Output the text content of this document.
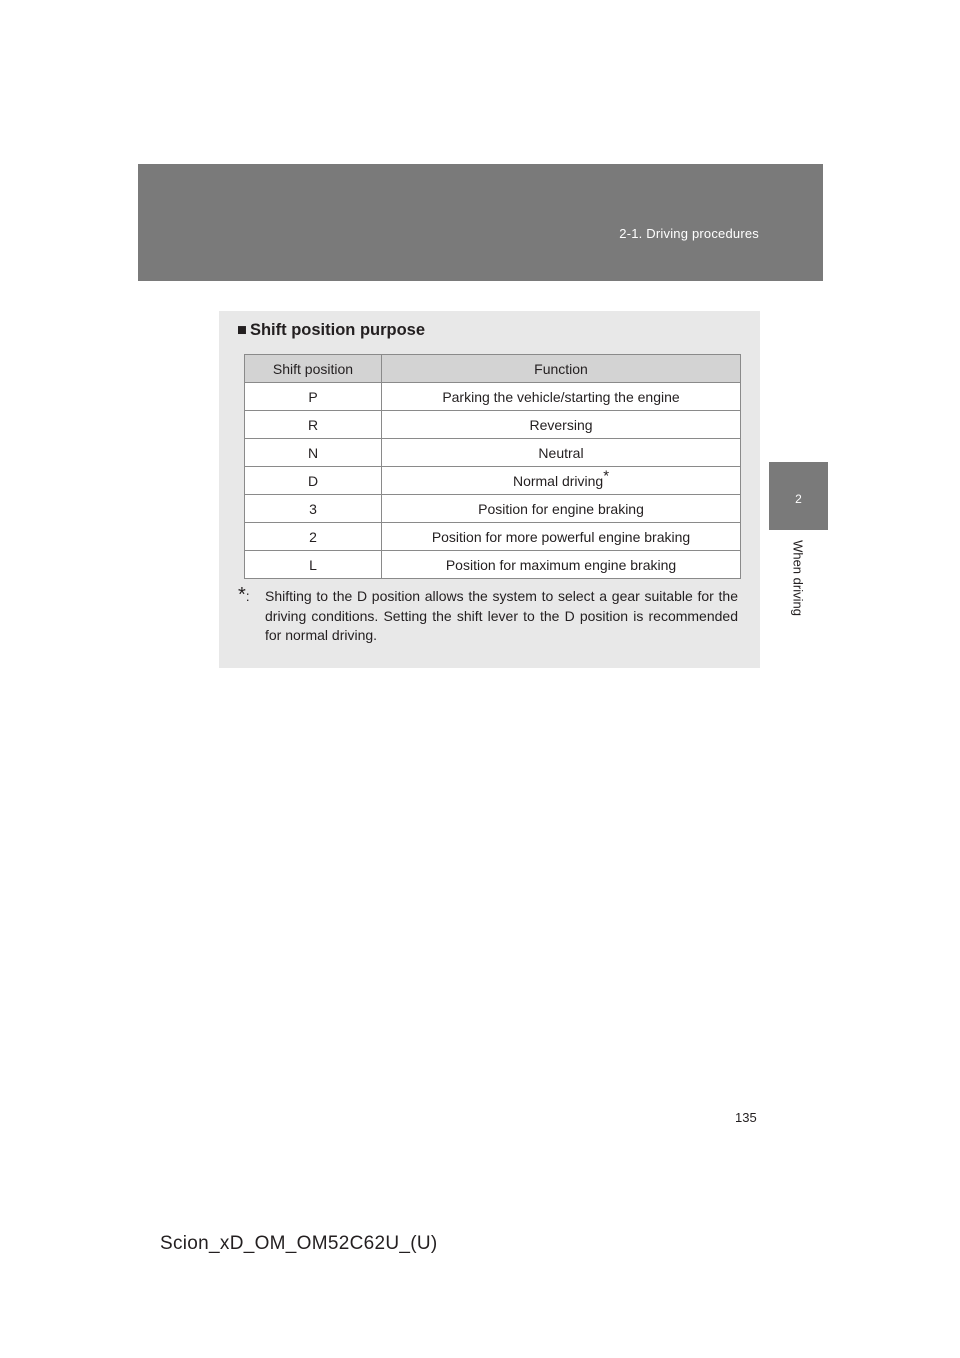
2-1. Driving procedures
2
When driving
■ Shift position purpose
Shift position	Function
P	Parking the vehicle/starting the engine
R	Reversing
N	Neutral
D	Normal driving*
3	Position for engine braking
2	Position for more powerful engine braking
L	Position for maximum engine braking
*:	Shifting to the D position allows the system to select a gear suitable for the driving conditions. Setting the shift lever to the D position is recommended for normal driving.
135
Scion_xD_OM_OM52C62U_(U)
